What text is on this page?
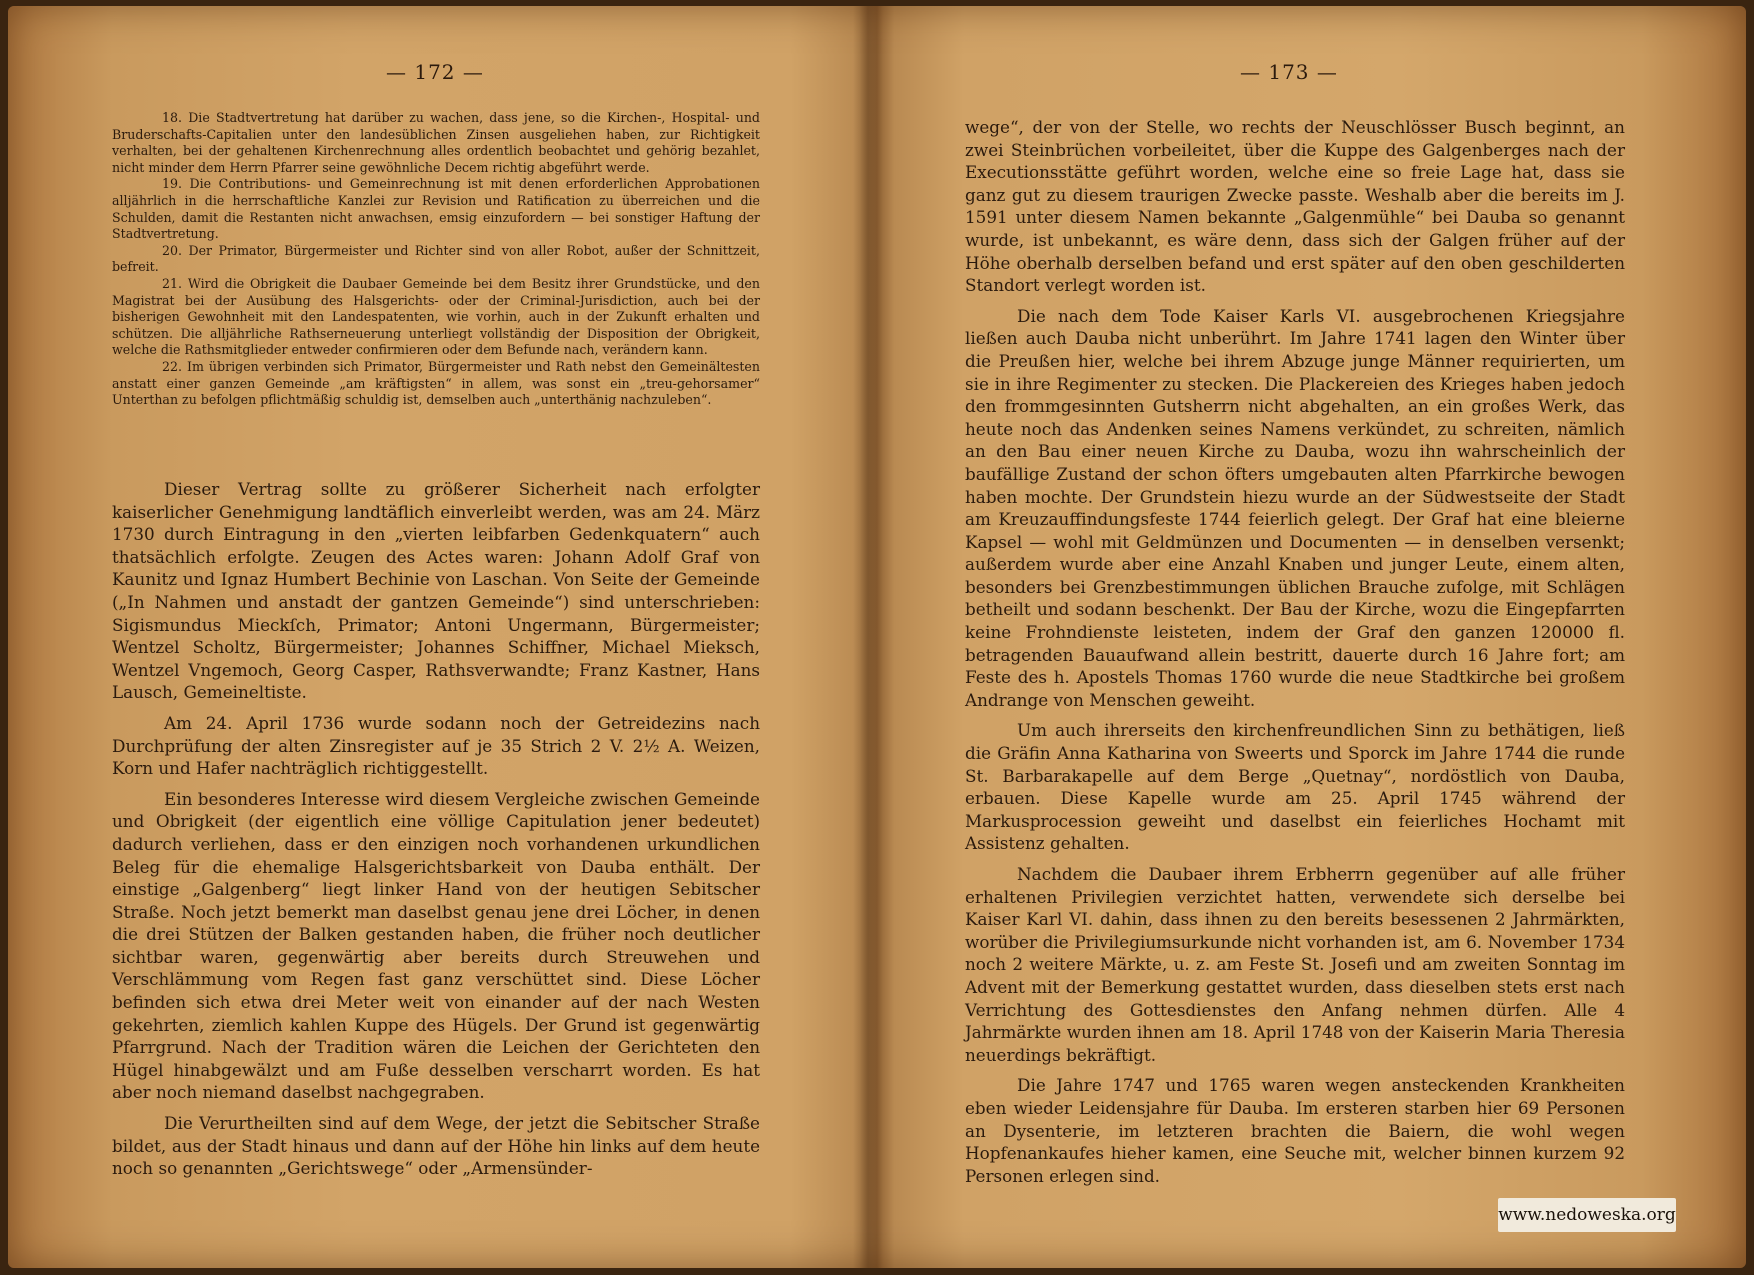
— 172 —

18. Die Stadtvertretung hat darüber zu wachen, dass jene, so die Kirchen-, Hospital- und Bruderschafts-Capitalien unter den landesüblichen Zinsen ausgeliehen haben, zur Richtigkeit verhalten, bei der gehaltenen Kirchenrechnung alles ordentlich beobachtet und gehörig bezahlet, nicht minder dem Herrn Pfarrer seine gewöhnliche Decem richtig abgeführt werde.

19. Die Contributions- und Gemeinrechnung ist mit denen erforderlichen Approbationen alljährlich in die herrschaftliche Kanzlei zur Revision und Ratification zu überreichen und die Schulden, damit die Restanten nicht anwachsen, emsig einzufordern — bei sonstiger Haftung der Stadtvertretung.

20. Der Primator, Bürgermeister und Richter sind von aller Robot, außer der Schnittzeit, befreit.

21. Wird die Obrigkeit die Daubaer Gemeinde bei dem Besitz ihrer Grundstücke, und den Magistrat bei der Ausübung des Halsgerichts- oder der Criminal-Jurisdiction, auch bei der bisherigen Gewohnheit mit den Landespatenten, wie vorhin, auch in der Zukunft erhalten und schützen. Die alljährliche Rathserneuerung unterliegt vollständig der Disposition der Obrigkeit, welche die Rathsmitglieder entweder confirmieren oder dem Befunde nach, verändern kann.

22. Im übrigen verbinden sich Primator, Bürgermeister und Rath nebst den Gemeinältesten anstatt einer ganzen Gemeinde „am kräftigsten“ in allem, was sonst ein „treu-gehorsamer“ Unterthan zu befolgen pflichtmäßig schuldig ist, demselben auch „unterthänig nachzuleben“.

Dieser Vertrag sollte zu größerer Sicherheit nach erfolgter kaiserlicher Genehmigung landtäflich einverleibt werden, was am 24. März 1730 durch Eintragung in den „vierten leibfarben Gedenkquatern“ auch thatsächlich erfolgte. Zeugen des Actes waren: Johann Adolf Graf von Kaunitz und Ignaz Humbert Bechinie von Laschan. Von Seite der Gemeinde („In Nahmen und anstadt der gantzen Gemeinde“) sind unterschrieben: Sigismundus Mieckſch, Primator; Antoni Ungermann, Bürgermeister; Wentzel Scholtz, Bürgermeister; Johannes Schiffner, Michael Mieksch, Wentzel Vngemoch, Georg Casper, Rathsverwandte; Franz Kastner, Hans Lausch, Gemeineltiste.

Am 24. April 1736 wurde sodann noch der Getreidezins nach Durchprüfung der alten Zinsregister auf je 35 Strich 2 V. 2½ A. Weizen, Korn und Hafer nachträglich richtiggestellt.

Ein besonderes Interesse wird diesem Vergleiche zwischen Gemeinde und Obrigkeit (der eigentlich eine völlige Capitulation jener bedeutet) dadurch verliehen, dass er den einzigen noch vorhandenen urkundlichen Beleg für die ehemalige Halsgerichtsbarkeit von Dauba enthält. Der einstige „Galgenberg“ liegt linker Hand von der heutigen Sebitscher Straße. Noch jetzt bemerkt man daselbst genau jene drei Löcher, in denen die drei Stützen der Balken gestanden haben, die früher noch deutlicher sichtbar waren, gegenwärtig aber bereits durch Streuwehen und Verschlämmung vom Regen fast ganz verschüttet sind. Diese Löcher befinden sich etwa drei Meter weit von einander auf der nach Westen gekehrten, ziemlich kahlen Kuppe des Hügels. Der Grund ist gegenwärtig Pfarrgrund. Nach der Tradition wären die Leichen der Gerichteten den Hügel hinabgewälzt und am Fuße desselben verscharrt worden. Es hat aber noch niemand daselbst nachgegraben.

Die Verurtheilten sind auf dem Wege, der jetzt die Sebitscher Straße bildet, aus der Stadt hinaus und dann auf der Höhe hin links auf dem heute noch so genannten „Gerichtswege“ oder „Armensünder-

— 173 —

wege“, der von der Stelle, wo rechts der Neuschlösser Busch beginnt, an zwei Steinbrüchen vorbeileitet, über die Kuppe des Galgenberges nach der Executionsstätte geführt worden, welche eine so freie Lage hat, dass sie ganz gut zu diesem traurigen Zwecke passte. Weshalb aber die bereits im J. 1591 unter diesem Namen bekannte „Galgenmühle“ bei Dauba so genannt wurde, ist unbekannt, es wäre denn, dass sich der Galgen früher auf der Höhe oberhalb derselben befand und erst später auf den oben geschilderten Standort verlegt worden ist.

Die nach dem Tode Kaiser Karls VI. ausgebrochenen Kriegsjahre ließen auch Dauba nicht unberührt. Im Jahre 1741 lagen den Winter über die Preußen hier, welche bei ihrem Abzuge junge Männer requirierten, um sie in ihre Regimenter zu stecken. Die Plackereien des Krieges haben jedoch den frommgesinnten Gutsherrn nicht abgehalten, an ein großes Werk, das heute noch das Andenken seines Namens verkündet, zu schreiten, nämlich an den Bau einer neuen Kirche zu Dauba, wozu ihn wahrscheinlich der baufällige Zustand der schon öfters umgebauten alten Pfarrkirche bewogen haben mochte. Der Grundstein hiezu wurde an der Südwestseite der Stadt am Kreuzauffindungsfeste 1744 feierlich gelegt. Der Graf hat eine bleierne Kapsel — wohl mit Geldmünzen und Documenten — in denselben versenkt; außerdem wurde aber eine Anzahl Knaben und junger Leute, einem alten, besonders bei Grenzbestimmungen üblichen Brauche zufolge, mit Schlägen betheilt und sodann beschenkt. Der Bau der Kirche, wozu die Eingepfarrten keine Frohndienste leisteten, indem der Graf den ganzen 120000 fl. betragenden Bauaufwand allein bestritt, dauerte durch 16 Jahre fort; am Feste des h. Apostels Thomas 1760 wurde die neue Stadtkirche bei großem Andrange von Menschen geweiht.

Um auch ihrerseits den kirchenfreundlichen Sinn zu bethätigen, ließ die Gräfin Anna Katharina von Sweerts und Sporck im Jahre 1744 die runde St. Barbarakapelle auf dem Berge „Quetnay“, nordöstlich von Dauba, erbauen. Diese Kapelle wurde am 25. April 1745 während der Markusprocession geweiht und daselbst ein feierliches Hochamt mit Assistenz gehalten.

Nachdem die Daubaer ihrem Erbherrn gegenüber auf alle früher erhaltenen Privilegien verzichtet hatten, verwendete sich derselbe bei Kaiser Karl VI. dahin, dass ihnen zu den bereits besessenen 2 Jahrmärkten, worüber die Privilegiumsurkunde nicht vorhanden ist, am 6. November 1734 noch 2 weitere Märkte, u. z. am Feste St. Josefi und am zweiten Sonntag im Advent mit der Bemerkung gestattet wurden, dass dieselben stets erst nach Verrichtung des Gottesdienstes den Anfang nehmen dürfen. Alle 4 Jahrmärkte wurden ihnen am 18. April 1748 von der Kaiserin Maria Theresia neuerdings bekräftigt.

Die Jahre 1747 und 1765 waren wegen ansteckenden Krankheiten eben wieder Leidensjahre für Dauba. Im ersteren starben hier 69 Personen an Dysenterie, im letzteren brachten die Baiern, die wohl wegen Hopfenankaufes hieher kamen, eine Seuche mit, welcher binnen kurzem 92 Personen erlegen sind.

www.nedoweska.org
